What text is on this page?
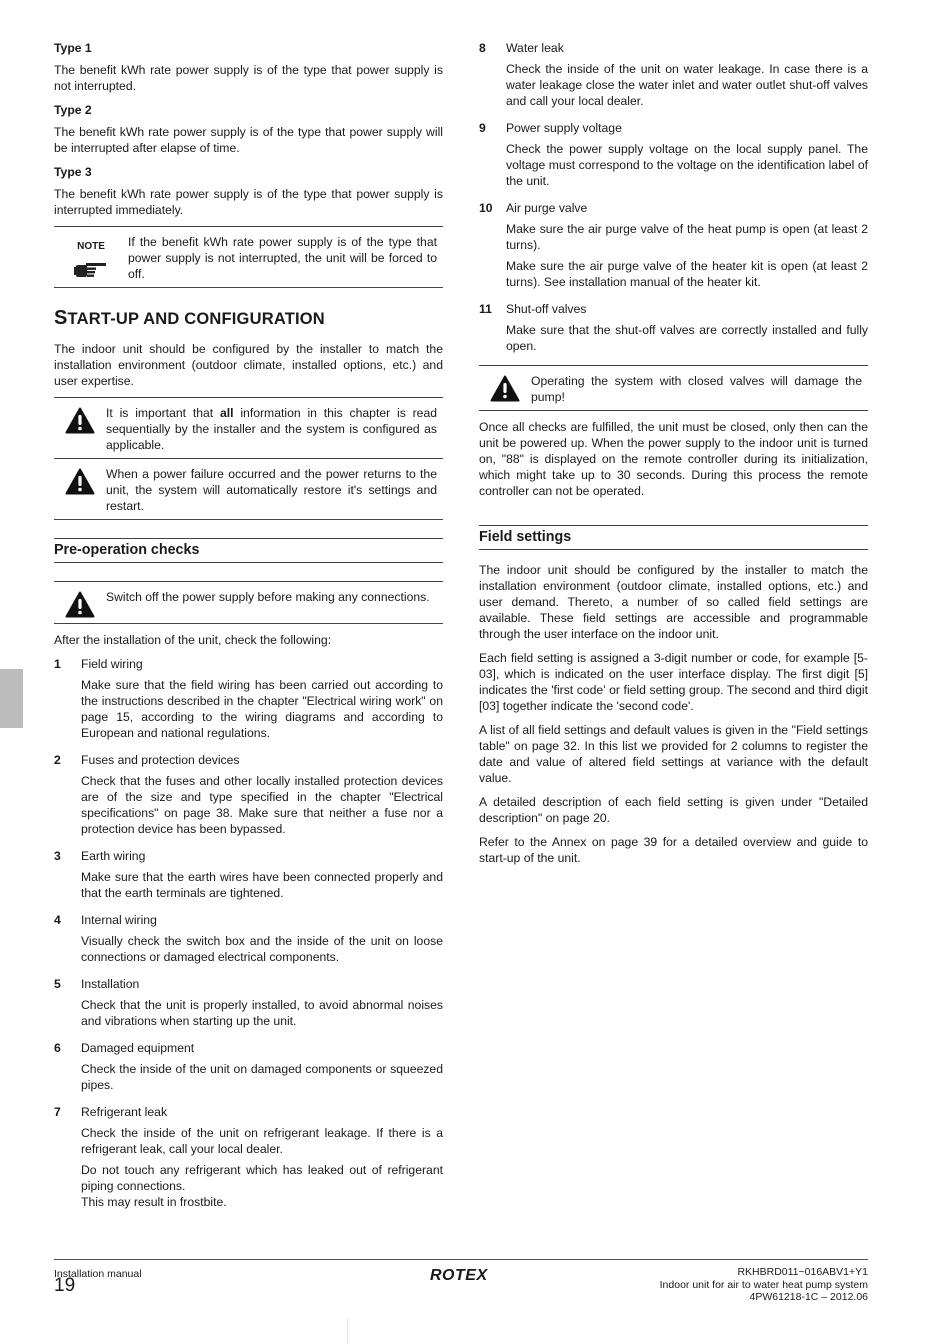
Type 1

The benefit kWh rate power supply is of the type that power supply is not interrupted.

Type 2

The benefit kWh rate power supply is of the type that power supply will be interrupted after elapse of time.

Type 3

The benefit kWh rate power supply is of the type that power supply is interrupted immediately.

NOTE If the benefit kWh rate power supply is of the type that power supply is not interrupted, the unit will be forced to off.

START-UP AND CONFIGURATION

The indoor unit should be configured by the installer to match the installation environment (outdoor climate, installed options, etc.) and user expertise.

It is important that all information in this chapter is read sequentially by the installer and the system is configured as applicable.

When a power failure occurred and the power returns to the unit, the system will automatically restore it's settings and restart.

Pre-operation checks

Switch off the power supply before making any connections.

After the installation of the unit, check the following:

1	Field wiring

Make sure that the field wiring has been carried out according to the instructions described in the chapter "Electrical wiring work" on page 15, according to the wiring diagrams and according to European and national regulations.

2	Fuses and protection devices

Check that the fuses and other locally installed protection devices are of the size and type specified in the chapter "Electrical specifications" on page 38. Make sure that neither a fuse nor a protection device has been bypassed.

3	Earth wiring

Make sure that the earth wires have been connected properly and that the earth terminals are tightened.

4	Internal wiring

Visually check the switch box and the inside of the unit on loose connections or damaged electrical components.

5	Installation

Check that the unit is properly installed, to avoid abnormal noises and vibrations when starting up the unit.

6	Damaged equipment

Check the inside of the unit on damaged components or squeezed pipes.

7	Refrigerant leak

Check the inside of the unit on refrigerant leakage. If there is a refrigerant leak, call your local dealer.

Do not touch any refrigerant which has leaked out of refrigerant piping connections.

This may result in frostbite.

8	Water leak

Check the inside of the unit on water leakage. In case there is a water leakage close the water inlet and water outlet shut-off valves and call your local dealer.

9	Power supply voltage

Check the power supply voltage on the local supply panel. The voltage must correspond to the voltage on the identification label of the unit.

10	Air purge valve

Make sure the air purge valve of the heat pump is open (at least 2 turns).

Make sure the air purge valve of the heater kit is open (at least 2 turns). See installation manual of the heater kit.

11	Shut-off valves

Make sure that the shut-off valves are correctly installed and fully open.

Operating the system with closed valves will damage the pump!

Once all checks are fulfilled, the unit must be closed, only then can the unit be powered up. When the power supply to the indoor unit is turned on, "88" is displayed on the remote controller during its initialization, which might take up to 30 seconds. During this process the remote controller can not be operated.

Field settings

The indoor unit should be configured by the installer to match the installation environment (outdoor climate, installed options, etc.) and user demand. Thereto, a number of so called field settings are available. These field settings are accessible and programmable through the user interface on the indoor unit.

Each field setting is assigned a 3-digit number or code, for example [5-03], which is indicated on the user interface display. The first digit [5] indicates the 'first code' or field setting group. The second and third digit [03] together indicate the 'second code'.

A list of all field settings and default values is given in the "Field settings table" on page 32. In this list we provided for 2 columns to register the date and value of altered field settings at variance with the default value.

A detailed description of each field setting is given under "Detailed description" on page 20.

Refer to the Annex on page 39 for a detailed overview and guide to start-up of the unit.

Installation manual
19	ROTEX	RKHBRD011~016ABV1+Y1
Indoor unit for air to water heat pump system
4PW61218-1C – 2012.06
